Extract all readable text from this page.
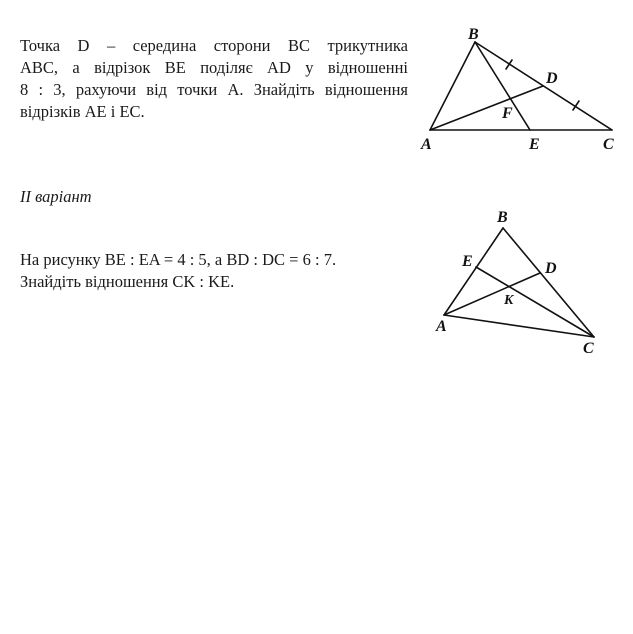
Точка D – середина сторони BC трикутника
ABC, а відрізок BE поділяє AD у відношенні
8 : 3, рахуючи від точки A. Знайдіть відношення
відрізків AE і EC.
B
D
F
A	E	C
II варіант
На рисунку BE : EA = 4 : 5, а BD : DC = 6 : 7.
Знайдіть відношення CK : KE.
B
E	D
K
A
C
